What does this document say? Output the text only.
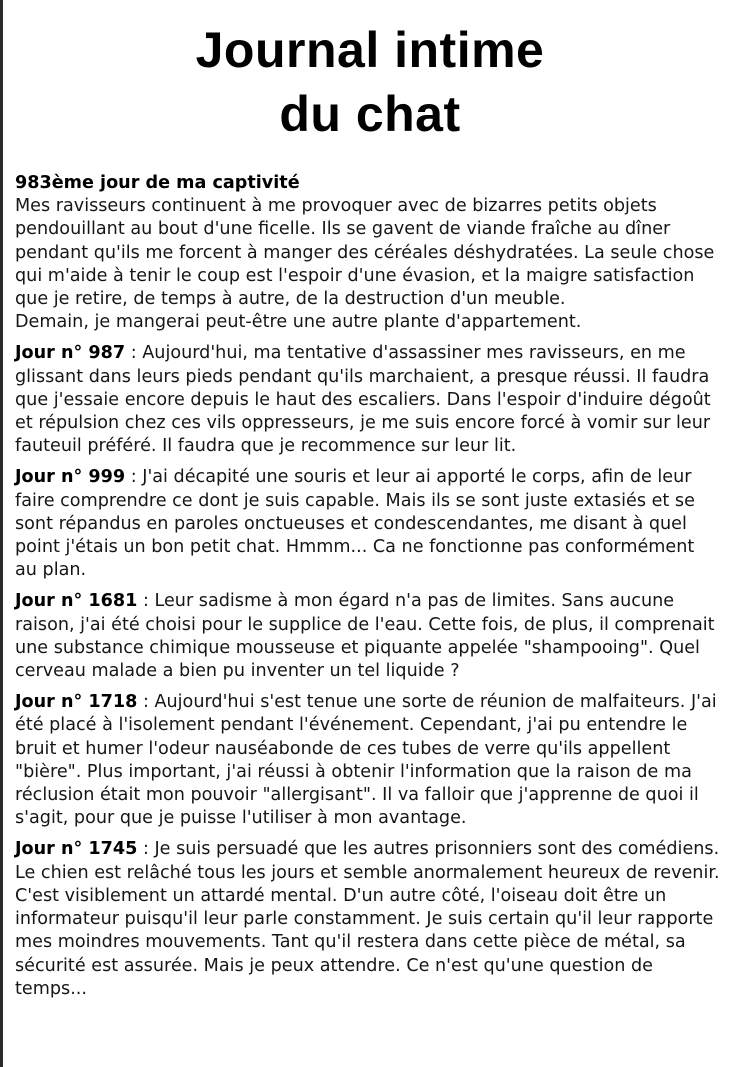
Journal intime
du chat
983ème jour de ma captivité
Mes ravisseurs continuent à me provoquer avec de bizarres petits objets
pendouillant au bout d'une ficelle. Ils se gavent de viande fraîche au dîner
pendant qu'ils me forcent à manger des céréales déshydratées. La seule chose
qui m'aide à tenir le coup est l'espoir d'une évasion, et la maigre satisfaction
que je retire, de temps à autre, de la destruction d'un meuble.
Demain, je mangerai peut-être une autre plante d'appartement.
Jour n° 987 : Aujourd'hui, ma tentative d'assassiner mes ravisseurs, en me
glissant dans leurs pieds pendant qu'ils marchaient, a presque réussi. Il faudra
que j'essaie encore depuis le haut des escaliers. Dans l'espoir d'induire dégoût
et répulsion chez ces vils oppresseurs, je me suis encore forcé à vomir sur leur
fauteuil préféré. Il faudra que je recommence sur leur lit.
Jour n° 999 : J'ai décapité une souris et leur ai apporté le corps, afin de leur
faire comprendre ce dont je suis capable. Mais ils se sont juste extasiés et se
sont répandus en paroles onctueuses et condescendantes, me disant à quel
point j'étais un bon petit chat. Hmmm... Ca ne fonctionne pas conformément
au plan.
Jour n° 1681 : Leur sadisme à mon égard n'a pas de limites. Sans aucune
raison, j'ai été choisi pour le supplice de l'eau. Cette fois, de plus, il comprenait
une substance chimique mousseuse et piquante appelée "shampooing". Quel
cerveau malade a bien pu inventer un tel liquide ?
Jour n° 1718 : Aujourd'hui s'est tenue une sorte de réunion de malfaiteurs. J'ai
été placé à l'isolement pendant l'événement. Cependant, j'ai pu entendre le
bruit et humer l'odeur nauséabonde de ces tubes de verre qu'ils appellent
"bière". Plus important, j'ai réussi à obtenir l'information que la raison de ma
réclusion était mon pouvoir "allergisant". Il va falloir que j'apprenne de quoi il
s'agit, pour que je puisse l'utiliser à mon avantage.
Jour n° 1745 : Je suis persuadé que les autres prisonniers sont des comédiens.
Le chien est relâché tous les jours et semble anormalement heureux de revenir.
C'est visiblement un attardé mental. D'un autre côté, l'oiseau doit être un
informateur puisqu'il leur parle constamment. Je suis certain qu'il leur rapporte
mes moindres mouvements. Tant qu'il restera dans cette pièce de métal, sa
sécurité est assurée. Mais je peux attendre. Ce n'est qu'une question de
temps...
